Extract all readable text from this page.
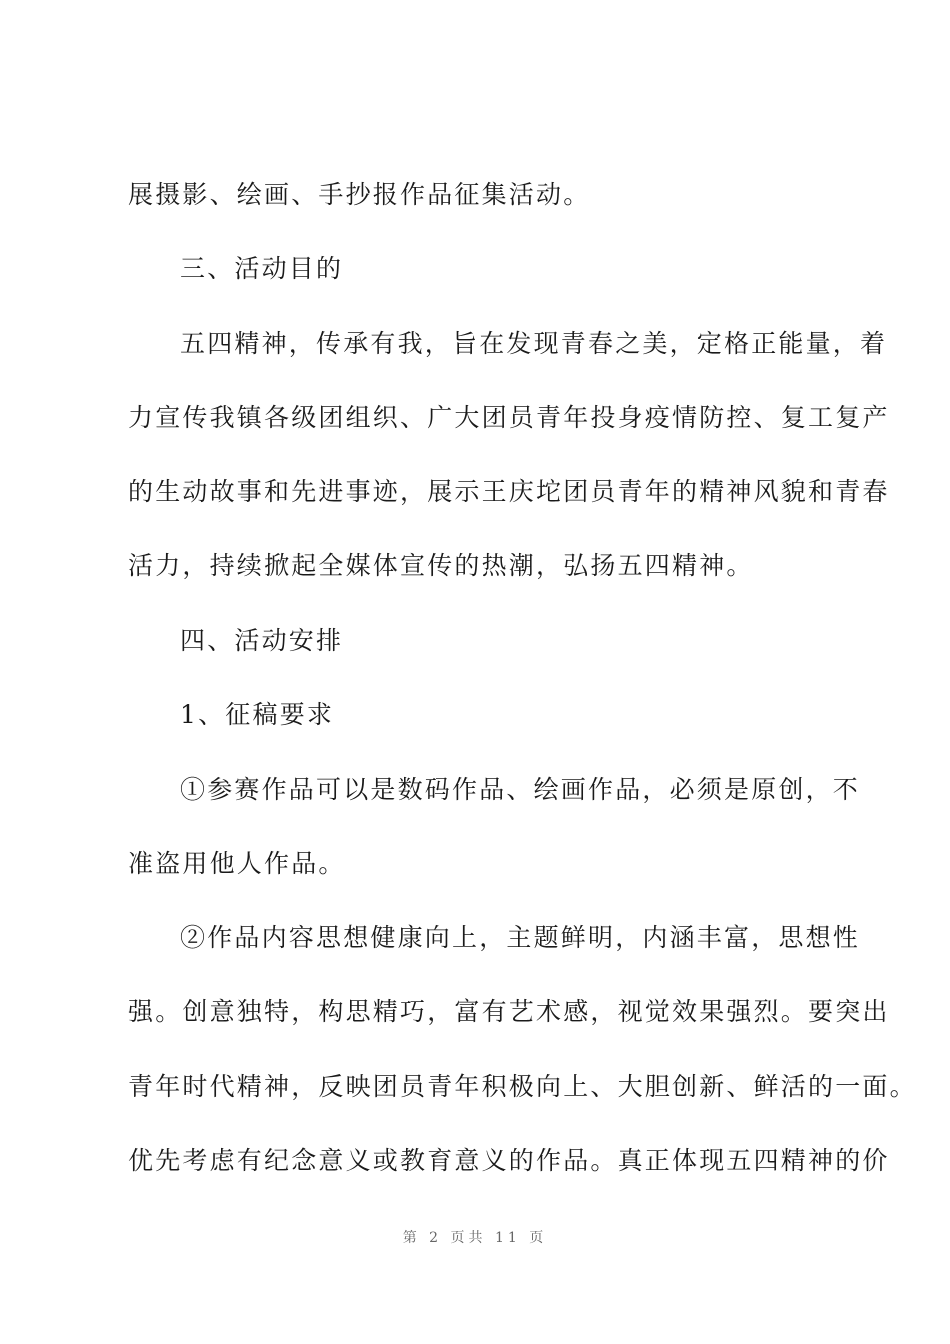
展摄影、绘画、手抄报作品征集活动。
三、活动目的
五四精神，传承有我，旨在发现青春之美，定格正能量，着
力宣传我镇各级团组织、广大团员青年投身疫情防控、复工复产
的生动故事和先进事迹，展示王庆坨团员青年的精神风貌和青春
活力，持续掀起全媒体宣传的热潮，弘扬五四精神。
四、活动安排
1、征稿要求
①参赛作品可以是数码作品、绘画作品，必须是原创，不
准盗用他人作品。
②作品内容思想健康向上，主题鲜明，内涵丰富，思想性
强。创意独特，构思精巧，富有艺术感，视觉效果强烈。要突出
青年时代精神，反映团员青年积极向上、大胆创新、鲜活的一面。
优先考虑有纪念意义或教育意义的作品。真正体现五四精神的价
第 2 页共 11 页
